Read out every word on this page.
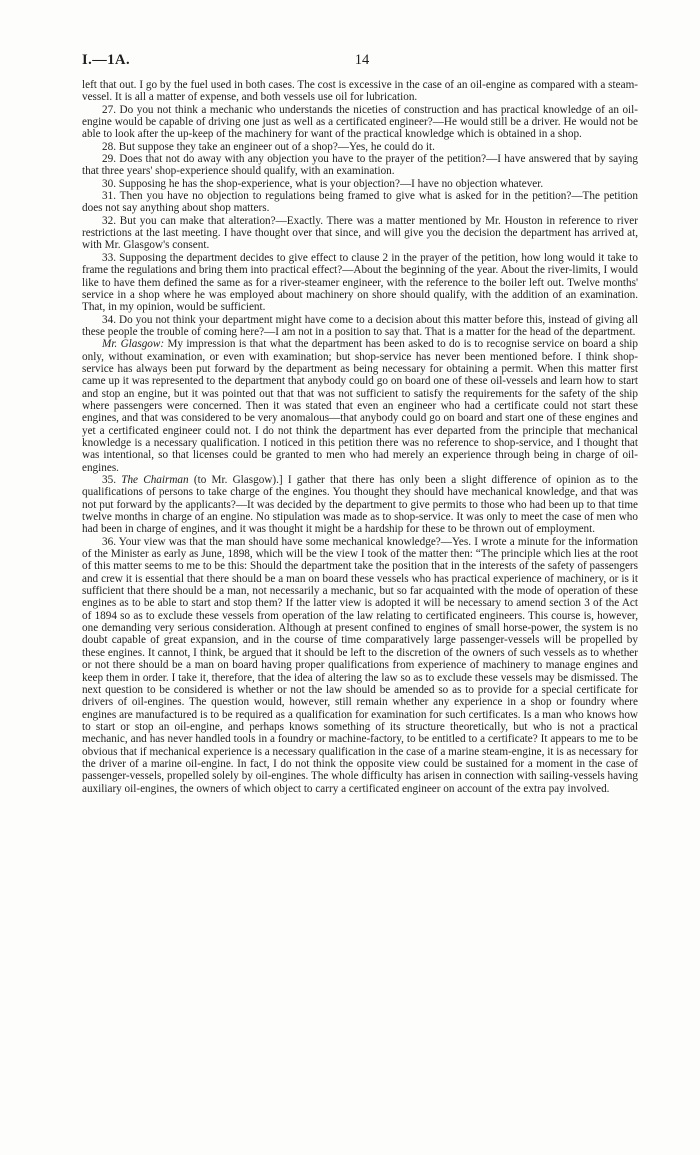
I.—1A.	14

left that out. I go by the fuel used in both cases. The cost is excessive in the case of an oil-engine as compared with a steam-vessel. It is all a matter of expense, and both vessels use oil for lubrication.

27. Do you not think a mechanic who understands the niceties of construction and has practical knowledge of an oil-engine would be capable of driving one just as well as a certificated engineer?—He would still be a driver. He would not be able to look after the up-keep of the machinery for want of the practical knowledge which is obtained in a shop.

28. But suppose they take an engineer out of a shop?—Yes, he could do it.

29. Does that not do away with any objection you have to the prayer of the petition?—I have answered that by saying that three years' shop-experience should qualify, with an examination.

30. Supposing he has the shop-experience, what is your objection?—I have no objection whatever.

31. Then you have no objection to regulations being framed to give what is asked for in the petition?—The petition does not say anything about shop matters.

32. But you can make that alteration?—Exactly. There was a matter mentioned by Mr. Houston in reference to river restrictions at the last meeting. I have thought over that since, and will give you the decision the department has arrived at, with Mr. Glasgow's consent.

33. Supposing the department decides to give effect to clause 2 in the prayer of the petition, how long would it take to frame the regulations and bring them into practical effect?—About the beginning of the year. About the river-limits, I would like to have them defined the same as for a river-steamer engineer, with the reference to the boiler left out. Twelve months' service in a shop where he was employed about machinery on shore should qualify, with the addition of an examination. That, in my opinion, would be sufficient.

34. Do you not think your department might have come to a decision about this matter before this, instead of giving all these people the trouble of coming here?—I am not in a position to say that. That is a matter for the head of the department.

Mr. Glasgow: My impression is that what the department has been asked to do is to recognise service on board a ship only, without examination, or even with examination; but shop-service has never been mentioned before. I think shop-service has always been put forward by the department as being necessary for obtaining a permit. When this matter first came up it was represented to the department that anybody could go on board one of these oil-vessels and learn how to start and stop an engine, but it was pointed out that that was not sufficient to satisfy the requirements for the safety of the ship where passengers were concerned. Then it was stated that even an engineer who had a certificate could not start these engines, and that was considered to be very anomalous—that anybody could go on board and start one of these engines and yet a certificated engineer could not. I do not think the department has ever departed from the principle that mechanical knowledge is a necessary qualification. I noticed in this petition there was no reference to shop-service, and I thought that was intentional, so that licenses could be granted to men who had merely an experience through being in charge of oil-engines.

35. The Chairman (to Mr. Glasgow).] I gather that there has only been a slight difference of opinion as to the qualifications of persons to take charge of the engines. You thought they should have mechanical knowledge, and that was not put forward by the applicants?—It was decided by the department to give permits to those who had been up to that time twelve months in charge of an engine. No stipulation was made as to shop-service. It was only to meet the case of men who had been in charge of engines, and it was thought it might be a hardship for these to be thrown out of employment.

36. Your view was that the man should have some mechanical knowledge?—Yes. I wrote a minute for the information of the Minister as early as June, 1898, which will be the view I took of the matter then: “The principle which lies at the root of this matter seems to me to be this: Should the department take the position that in the interests of the safety of passengers and crew it is essential that there should be a man on board these vessels who has practical experience of machinery, or is it sufficient that there should be a man, not necessarily a mechanic, but so far acquainted with the mode of operation of these engines as to be able to start and stop them? If the latter view is adopted it will be necessary to amend section 3 of the Act of 1894 so as to exclude these vessels from operation of the law relating to certificated engineers. This course is, however, one demanding very serious consideration. Although at present confined to engines of small horse-power, the system is no doubt capable of great expansion, and in the course of time comparatively large passenger-vessels will be propelled by these engines. It cannot, I think, be argued that it should be left to the discretion of the owners of such vessels as to whether or not there should be a man on board having proper qualifications from experience of machinery to manage engines and keep them in order. I take it, therefore, that the idea of altering the law so as to exclude these vessels may be dismissed. The next question to be considered is whether or not the law should be amended so as to provide for a special certificate for drivers of oil-engines. The question would, however, still remain whether any experience in a shop or foundry where engines are manufactured is to be required as a qualification for examination for such certificates. Is a man who knows how to start or stop an oil-engine, and perhaps knows something of its structure theoretically, but who is not a practical mechanic, and has never handled tools in a foundry or machine-factory, to be entitled to a certificate? It appears to me to be obvious that if mechanical experience is a necessary qualification in the case of a marine steam-engine, it is as necessary for the driver of a marine oil-engine. In fact, I do not think the opposite view could be sustained for a moment in the case of passenger-vessels, propelled solely by oil-engines. The whole difficulty has arisen in connection with sailing-vessels having auxiliary oil-engines, the owners of which object to carry a certificated engineer on account of the extra pay involved.
